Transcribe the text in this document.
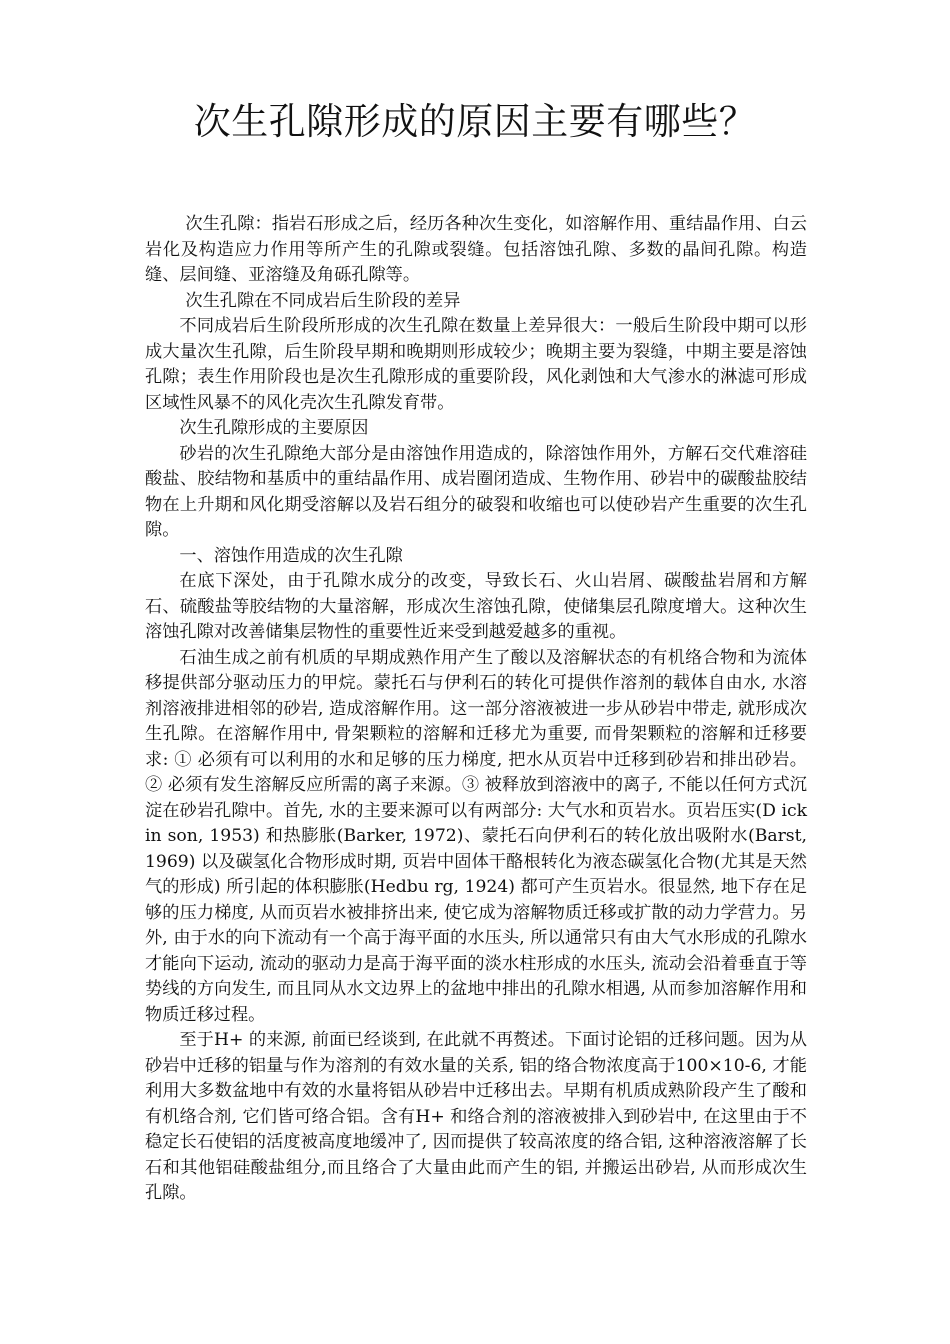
次生孔隙形成的原因主要有哪些？

次生孔隙：指岩石形成之后，经历各种次生变化，如溶解作用、重结晶作用、白云岩化及构造应力作用等所产生的孔隙或裂缝。包括溶蚀孔隙、多数的晶间孔隙。构造缝、层间缝、亚溶缝及角砾孔隙等。

次生孔隙在不同成岩后生阶段的差异

不同成岩后生阶段所形成的次生孔隙在数量上差异很大：一般后生阶段中期可以形成大量次生孔隙，后生阶段早期和晚期则形成较少；晚期主要为裂缝，中期主要是溶蚀孔隙；表生作用阶段也是次生孔隙形成的重要阶段，风化剥蚀和大气渗水的淋滤可形成区域性风暴不的风化壳次生孔隙发育带。

次生孔隙形成的主要原因

砂岩的次生孔隙绝大部分是由溶蚀作用造成的，除溶蚀作用外，方解石交代难溶硅酸盐、胶结物和基质中的重结晶作用、成岩圈闭造成、生物作用、砂岩中的碳酸盐胶结物在上升期和风化期受溶解以及岩石组分的破裂和收缩也可以使砂岩产生重要的次生孔隙。

一、溶蚀作用造成的次生孔隙

在底下深处，由于孔隙水成分的改变，导致长石、火山岩屑、碳酸盐岩屑和方解石、硫酸盐等胶结物的大量溶解，形成次生溶蚀孔隙，使储集层孔隙度增大。这种次生溶蚀孔隙对改善储集层物性的重要性近来受到越爱越多的重视。

石油生成之前有机质的早期成熟作用产生了酸以及溶解状态的有机络合物和为流体移提供部分驱动压力的甲烷。蒙托石与伊利石的转化可提供作溶剂的载体自由水, 水溶剂溶液排进相邻的砂岩, 造成溶解作用。这一部分溶液被进一步从砂岩中带走, 就形成次生孔隙。在溶解作用中, 骨架颗粒的溶解和迁移尤为重要, 而骨架颗粒的溶解和迁移要求: ① 必须有可以利用的水和足够的压力梯度, 把水从页岩中迁移到砂岩和排出砂岩。② 必须有发生溶解反应所需的离子来源。③ 被释放到溶液中的离子, 不能以任何方式沉淀在砂岩孔隙中。首先, 水的主要来源可以有两部分: 大气水和页岩水。页岩压实(D ick in son, 1953) 和热膨胀(Barker, 1972)、蒙托石向伊利石的转化放出吸附水(Barst, 1969) 以及碳氢化合物形成时期, 页岩中固体干酪根转化为液态碳氢化合物(尤其是天然气的形成) 所引起的体积膨胀(Hedbu rg, 1924) 都可产生页岩水。很显然, 地下存在足够的压力梯度, 从而页岩水被排挤出来, 使它成为溶解物质迁移或扩散的动力学营力。另外, 由于水的向下流动有一个高于海平面的水压头, 所以通常只有由大气水形成的孔隙水才能向下运动, 流动的驱动力是高于海平面的淡水柱形成的水压头, 流动会沿着垂直于等势线的方向发生, 而且同从水文边界上的盆地中排出的孔隙水相遇, 从而参加溶解作用和物质迁移过程。

至于H+ 的来源, 前面已经谈到, 在此就不再赘述。下面讨论铝的迁移问题。因为从砂岩中迁移的铝量与作为溶剂的有效水量的关系, 铝的络合物浓度高于100×10-6, 才能利用大多数盆地中有效的水量将铝从砂岩中迁移出去。早期有机质成熟阶段产生了酸和有机络合剂, 它们皆可络合铝。含有H+ 和络合剂的溶液被排入到砂岩中, 在这里由于不稳定长石使铝的活度被高度地缓冲了, 因而提供了较高浓度的络合铝, 这种溶液溶解了长石和其他铝硅酸盐组分,而且络合了大量由此而产生的铝, 并搬运出砂岩, 从而形成次生孔隙。
